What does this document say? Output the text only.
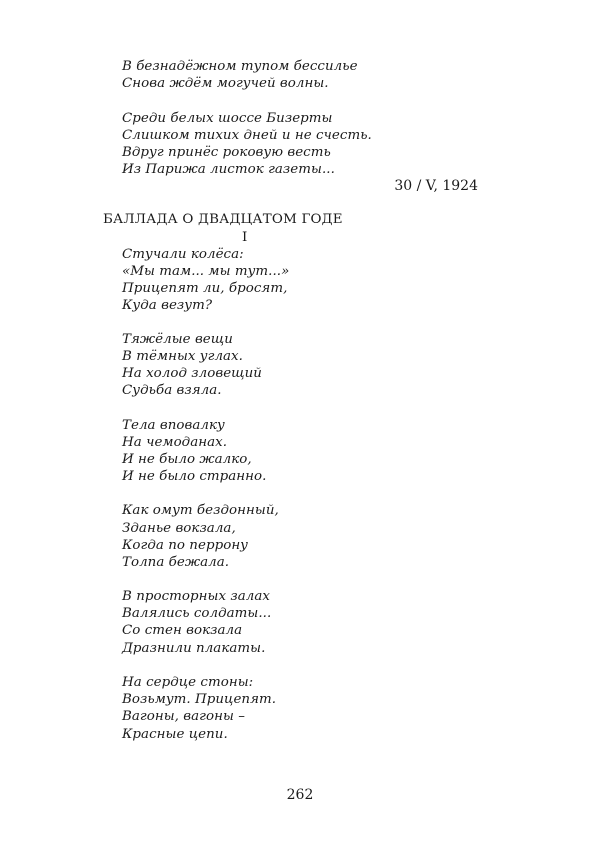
В безнадёжном тупом бессилье
Снова ждём могучей волны.
Среди белых шоссе Бизерты
Слишком тихих дней и не счесть.
Вдруг принёс роковую весть
Из Парижа листок газеты...
30 / V, 1924
БАЛЛАДА О ДВАДЦАТОМ ГОДЕ
I
Стучали колёса:
«Мы там... мы тут...»
Прицепят ли, бросят,
Куда везут?
Тяжёлые вещи
В тёмных углах.
На холод зловещий
Судьба взяла.
Тела вповалку
На чемоданах.
И не было жалко,
И не было странно.
Как омут бездонный,
Зданье вокзала,
Когда по перрону
Толпа бежала.
В просторных залах
Валялись солдаты...
Со стен вокзала
Дразнили плакаты.
На сердце стоны:
Возьмут. Прицепят.
Вагоны, вагоны –
Красные цепи.
262
